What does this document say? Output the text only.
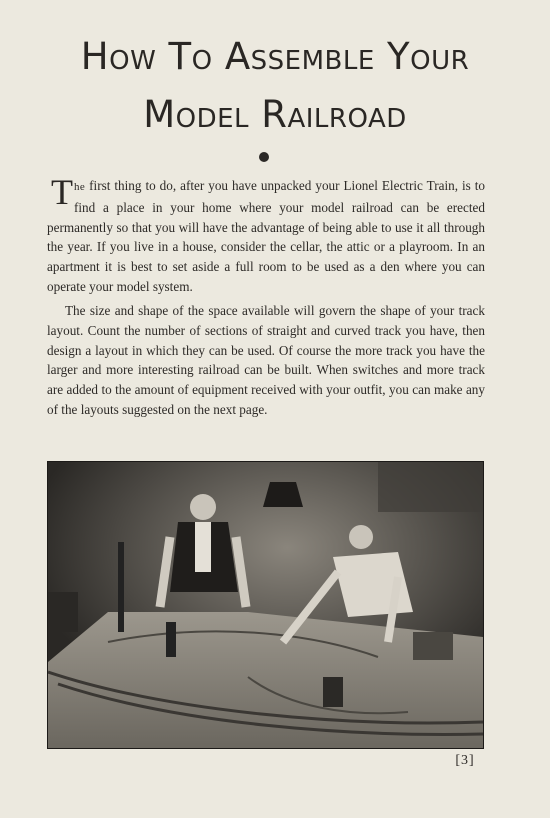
How To Assemble Your
Model Railroad

The first thing to do, after you have unpacked your Lionel Electric Train, is to find a place in your home where your model railroad can be erected permanently so that you will have the advantage of being able to use it all through the year. If you live in a house, consider the cellar, the attic or a playroom. In an apartment it is best to set aside a full room to be used as a den where you can operate your model system.

The size and shape of the space available will govern the shape of your track layout. Count the number of sections of straight and curved track you have, then design a layout in which they can be used. Of course the more track you have the larger and more interesting railroad can be built. When switches and more track are added to the amount of equipment received with your outfit, you can make any of the layouts suggested on the next page.

[3]
